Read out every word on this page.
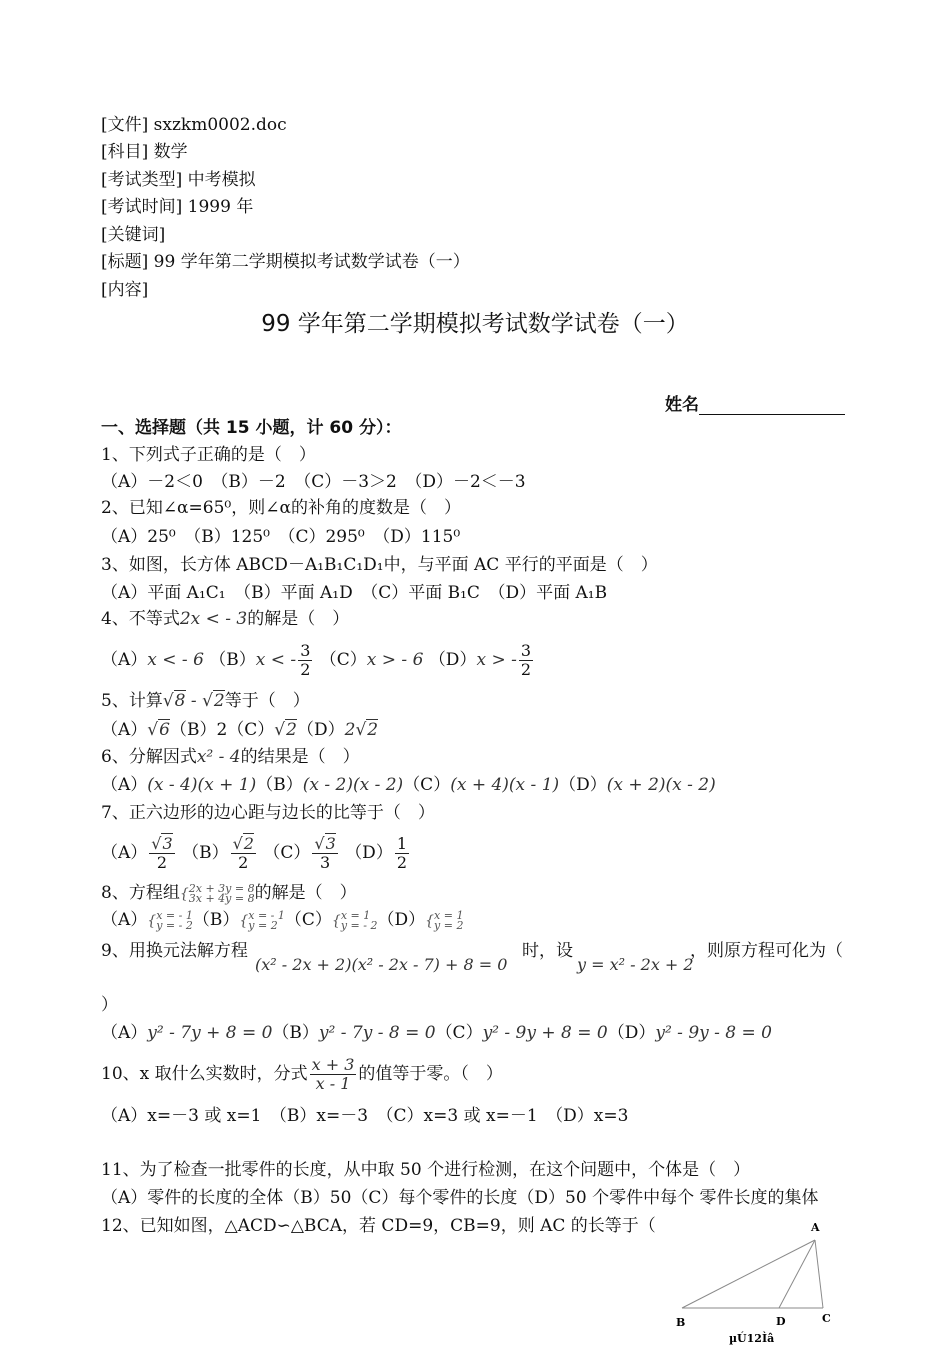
[文件] sxzkm0002.doc
[科目] 数学
[考试类型] 中考模拟
[考试时间] 1999 年
[关键词]
[标题] 99 学年第二学期模拟考试数学试卷（一）
[内容]
99 学年第二学期模拟考试数学试卷（一）
姓名
一、选择题（共 15 小题，计 60 分）：
1、下列式子正确的是（　）
（A）－2＜0　（B）－2　（C）－3＞2　（D）－2＜－3
2、已知∠α=65⁰，则∠α的补角的度数是（　）
（A）25⁰　（B）125⁰　（C）295⁰　（D）115⁰
3、如图，长方体 ABCD－A₁B₁C₁D₁中，与平面 AC 平行的平面是（　）
（A）平面 A₁C₁　（B）平面 A₁D　（C）平面 B₁C　（D）平面 A₁B
4、不等式2x < - 3的解是（　）
（A）x < - 6 （B）x < - $\frac{3}{2} (C)x$ > - 6 （D）x > - $\frac{3}{2}$
5、计算√8 - √2等于（　）
（A）√6（B）2（C）√2（D）2√2
6、分解因式x² - 4的结果是（　）
（A）(x - 4)(x + 1)（B）(x - 2)(x - 2)（C）(x + 4)(x - 1)（D）(x + 2)(x - 2)
7、正六边形的边心距与边长的比等于（　）
$(A) \frac{√3}{2} (B) \frac{√2}{2} (C) \frac{√3}{3} (D) \frac{1}{2}$
8、方程组{2x + 3y = 8
3x + 4y = 8的解是（　）
（A）{x = - 1
y = - 2（B）{x = - 1
y = 2 （C）{x = 1
y = - 2（D）{x = 1
y = 2
9、用换元法解方程
(x² - 2x + 2)(x² - 2x - 7) + 8 = 0
时，设
y = x² - 2x + 2
，则原方程可化为（
）
（A）y² - 7y + 8 = 0（B）y² - 7y - 8 = 0（C）y² - 9y + 8 = 0（D）y² - 9y - 8 = 0
10、x 取什么实数时，分式 $\frac{x + 3}{x - 1}$ 的值等于零。（　）
（A）x=－3 或 x=1　（B）x=－3　（C）x=3 或 x=－1　（D）x=3
11、为了检查一批零件的长度，从中取 50 个进行检测，在这个问题中，个体是（　）
（A）零件的长度的全体（B）50（C）每个零件的长度（D）50 个零件中每个 零件长度的集体
12、已知如图，△ACD∽△BCA，若 CD=9，CB=9，则 AC 的长等于（	A
B	D	C
µÚ12Ìâ
